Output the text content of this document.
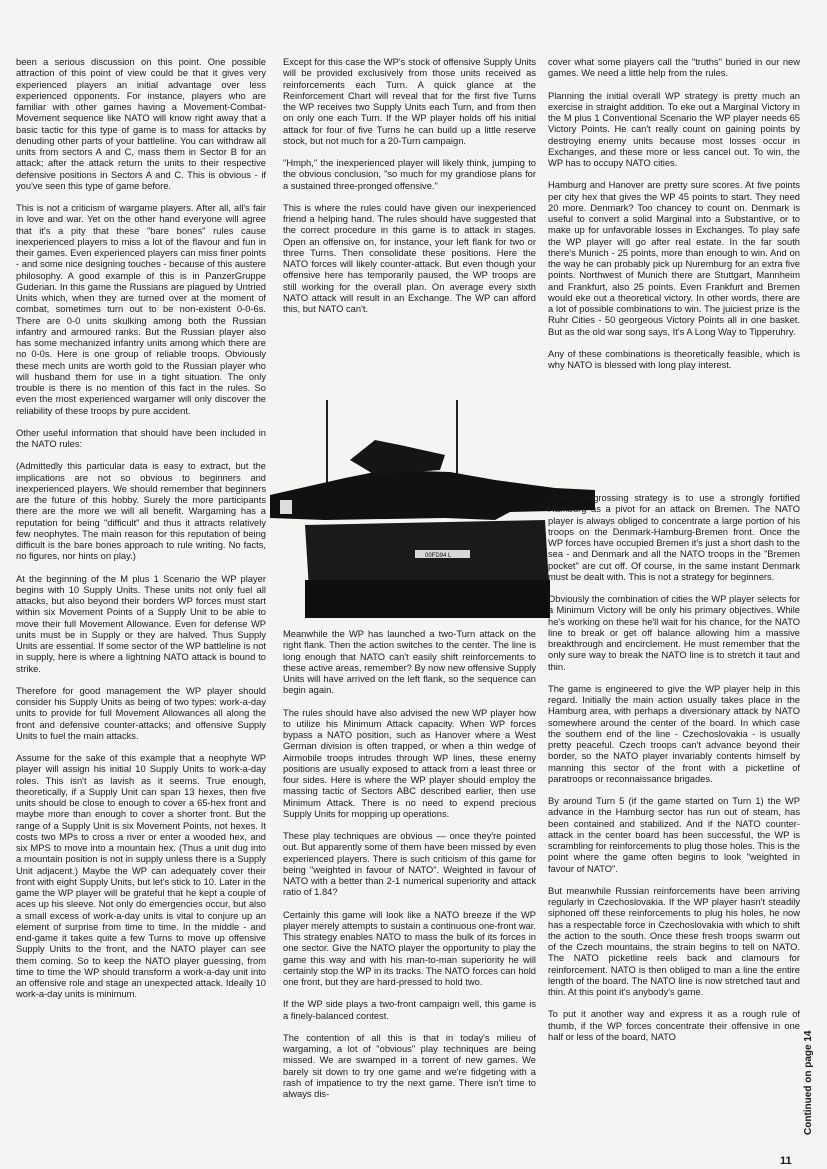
been a serious discussion on this point. One possible attraction of this point of view could be that it gives very experienced players an initial advantage over less experienced opponents. For instance, players who are familiar with other games having a Movement-Combat-Movement sequence like NATO will know right away that a basic tactic for this type of game is to mass for attacks by denuding other parts of your battleline. You can withdraw all units from sectors A and C, mass them in Sector B for an attack; after the attack return the units to their respective defensive positions in Sectors A and C. This is obvious - if you've seen this type of game before.

This is not a criticism of wargame players. After all, all's fair in love and war. Yet on the other hand everyone will agree that it's a pity that these "bare bones" rules cause inexperienced players to miss a lot of the flavour and fun in their games. Even experienced players can miss finer points - and some nice designing touches - because of this austere philosophy. A good example of this is in PanzerGruppe Guderian. In this game the Russians are plagued by Untried Units which, when they are turned over at the moment of combat, sometimes turn out to be non-existent 0-0-6s. There are 0-0 units skulking among both the Russian infantry and armoured ranks. But the Russian player also has some mechanized infantry units among which there are no 0-0s. Here is one group of reliable troops. Obviously these mech units are worth gold to the Russian player who will husband them for use in a tight situation. The only trouble is there is no mention of this fact in the rules. So even the most experienced wargamer will only discover the reliability of these troops by pure accident.

Other useful information that should have been included in the NATO rules:

(Admittedly this particular data is easy to extract, but the implications are not so obvious to beginners and inexperienced players. We should remember that beginners are the future of this hobby. Surely the more participants there are the more we will all benefit. Wargaming has a reputation for being "difficult" and thus it attracts relatively few neophytes. The main reason for this reputation of being difficult is the bare bones approach to rule writing. No facts, no figures, nor hints on play.)

At the beginning of the M plus 1 Scenario the WP player begins with 10 Supply Units. These units not only fuel all attacks, but also beyond their borders WP forces must start within six Movement Points of a Supply Unit to be able to move their full Movement Allowance. Even for defense WP units must be in Supply or they are halved. Thus Supply Units are essential. If some sector of the WP battleline is not in supply, here is where a lightning NATO attack is bound to strike.

Therefore for good management the WP player should consider his Supply Units as being of two types: work-a-day units to provide for full Movement Allowances all along the front and defensive counter-attacks; and offensive Supply Units to fuel the main attacks.

Assume for the sake of this example that a neophyte WP player will assign his initial 10 Supply Units to work-a-day roles. This isn't as lavish as it seems. True enough, theoretically, if a Supply Unit can span 13 hexes, then five units should be close to enough to cover a 65-hex front and maybe more than enough to cover a shorter front. But the range of a Supply Unit is six Movement Points, not hexes. It costs two MPs to cross a river or enter a wooded hex, and six MPS to move into a mountain hex. (Thus a unit dug into a mountain position is not in supply unless there is a Supply Unit adjacent.) Maybe the WP can adequately cover their front with eight Supply Units, but let's stick to 10. Later in the game the WP player will be grateful that he kept a couple of aces up his sleeve. Not only do emergencies occur, but also a small excess of work-a-day units is vital to conjure up an element of surprise from time to time. In the middle - and end-game it takes quite a few Turns to move up offensive Supply Units to the front, and the NATO player can see them coming. So to keep the NATO player guessing, from time to time the WP should transform a work-a-day unit into an offensive role and stage an unexpected attack. Ideally 10 work-a-day units is minimum.

Except for this case the WP's stock of offensive Supply Units will be provided exclusively from those units received as reinforcements each Turn. A quick glance at the Reinforcement Chart will reveal that for the first five Turns the WP receives two Supply Units each Turn, and from then on only one each Turn. If the WP player holds off his initial attack for four of five Turns he can build up a little reserve stock, but not much for a 20-Turn campaign.

"Hmph," the inexperienced player will likely think, jumping to the obvious conclusion, "so much for my grandiose plans for a sustained three-pronged offensive."

This is where the rules could have given our inexperienced friend a helping hand. The rules should have suggested that the correct procedure in this game is to attack in stages. Open an offensive on, for instance, your left flank for two or three Turns. Then consolidate these positions. Here the NATO forces will likely counter-attack. But even though your offensive here has temporarily paused, the WP troops are still working for the overall plan. On average every sixth NATO attack will result in an Exchange. The WP can afford this, but NATO can't.

00FD94 L

Meanwhile the WP has launched a two-Turn attack on the right flank. Then the action switches to the center. The line is long enough that NATO can't easily shift reinforcements to these active areas, remember? By now new offensive Supply Units will have arrived on the left flank, so the sequence can begin again.

The rules should have also advised the new WP player how to utilize his Minimum Attack capacity. When WP forces bypass a NATO position, such as Hanover where a West German division is often trapped, or when a thin wedge of Airmobile troops intrudes through WP lines, these enemy positions are usually exposed to attack from a least three or four sides. Here is where the WP player should employ the massing tactic of Sectors ABC described earlier, then use Minimum Attack. There is no need to expend precious Supply Units for mopping up operations.

These play techniques are obvious — once they're pointed out. But apparently some of them have been missed by even experienced players. There is such criticism of this game for being "weighted in favour of NATO". Weighted in favour of NATO with a better than 2-1 numerical superiority and attack ratio of 1.84?

Certainly this game will look like a NATO breeze if the WP player merely attempts to sustain a continuous one-front war. This strategy enables NATO to mass the bulk of its forces in one sector. Give the NATO player the opportunity to play the game this way and with his man-to-man superiority he will certainly stop the WP in its tracks. The NATO forces can hold one front, but they are hard-pressed to hold two.

If the WP side plays a two-front campaign well, this game is a finely-balanced contest.

The contention of all this is that in today's milieu of wargaming, a lot of "obvious" play techniques are being missed. We are swamped in a torrent of new games. We barely sit down to try one game and we're fidgeting with a rash of impatience to try the next game. There isn't time to always dis-

cover what some players call the "truths" buried in our new games. We need a little help from the rules.

Planning the initial overall WP strategy is pretty much an exercise in straight addition. To eke out a Marginal Victory in the M plus 1 Conventional Scenario the WP player needs 65 Victory Points. He can't really count on gaining points by destroying enemy units because most losses occur in Exchanges, and these more or less cancel out. To win, the WP has to occupy NATO cities.

Hamburg and Hanover are pretty sure scores. At five points per city hex that gives the WP 45 points to start. They need 20 more. Denmark? Too chancey to count on. Denmark is useful to convert a solid Marginal into a Substantive, or to make up for unfavorable losses in Exchanges. To play safe the WP player will go after real estate. In the far south there's Munich - 25 points, more than enough to win. And on the way he can probably pick up Nuremburg for an extra five points. Northwest of Munich there are Stuttgart, Mannheim and Frankfurt, also 25 points. Even Frankfurt and Bremen would eke out a theoretical victory. In other words, there are a lot of possible combinations to win. The juiciest prize is the Ruhr Cities - 50 georgeous Victory Points all in one basket. But as the old war song says, It's A Long Way to Tipperuhry.

Any of these combinations is theoretically feasible, which is why NATO is blessed with long play interest.

A very engrossing strategy is to use a strongly fortified Hamburg as a pivot for an attack on Bremen. The NATO player is always obliged to concentrate a large portion of his troops on the Denmark-Hamburg-Bremen front. Once the WP forces have occupied Bremen it's just a short dash to the sea - and Denmark and all the NATO troops in the "Bremen pocket" are cut off. Of course, in the same instant Denmark must be dealt with. This is not a strategy for beginners.

Obviously the combination of cities the WP player selects for a Minimum Victory will be only his primary objectives. While he's working on these he'll wait for his chance, for the NATO line to break or get off balance allowing him a massive breakthrough and encirclement. He must remember that the only sure way to break the NATO line is to stretch it taut and thin.

The game is engineered to give the WP player help in this regard. Initially the main action usually takes place in the Hamburg area, with perhaps a diversionary attack by NATO somewhere around the center of the board. In which case the southern end of the line - Czechoslovakia - is usually pretty peaceful. Czech troops can't advance beyond their border, so the NATO player invariably contents himself by manning this sector of the front with a picketline of paratroops or reconnaissance brigades.

By around Turn 5 (if the game started on Turn 1) the WP advance in the Hamburg sector has run out of steam, has been contained and stabilized. And if the NATO counter-attack in the center board has been successful, the WP is scrambling for reinforcements to plug those holes. This is the point where the game often begins to look "weighted in favour of NATO".

But meanwhile Russian reinforcements have been arriving regularly in Czechoslovakia. If the WP player hasn't steadily siphoned off these reinforcements to plug his holes, he now has a respectable force in Czechoslovakia with which to shift the action to the south. Once these fresh troops swarm out of the Czech mountains, the strain begins to tell on NATO. The NATO picketline reels back and clamours for reinforcement. NATO is then obliged to man a line the entire length of the board. The NATO line is now stretched taut and thin. At this point it's anybody's game.

To put it another way and express it as a rough rule of thumb, if the WP forces concentrate their offensive in one half or less of the board, NATO	Continued on page 14
11
